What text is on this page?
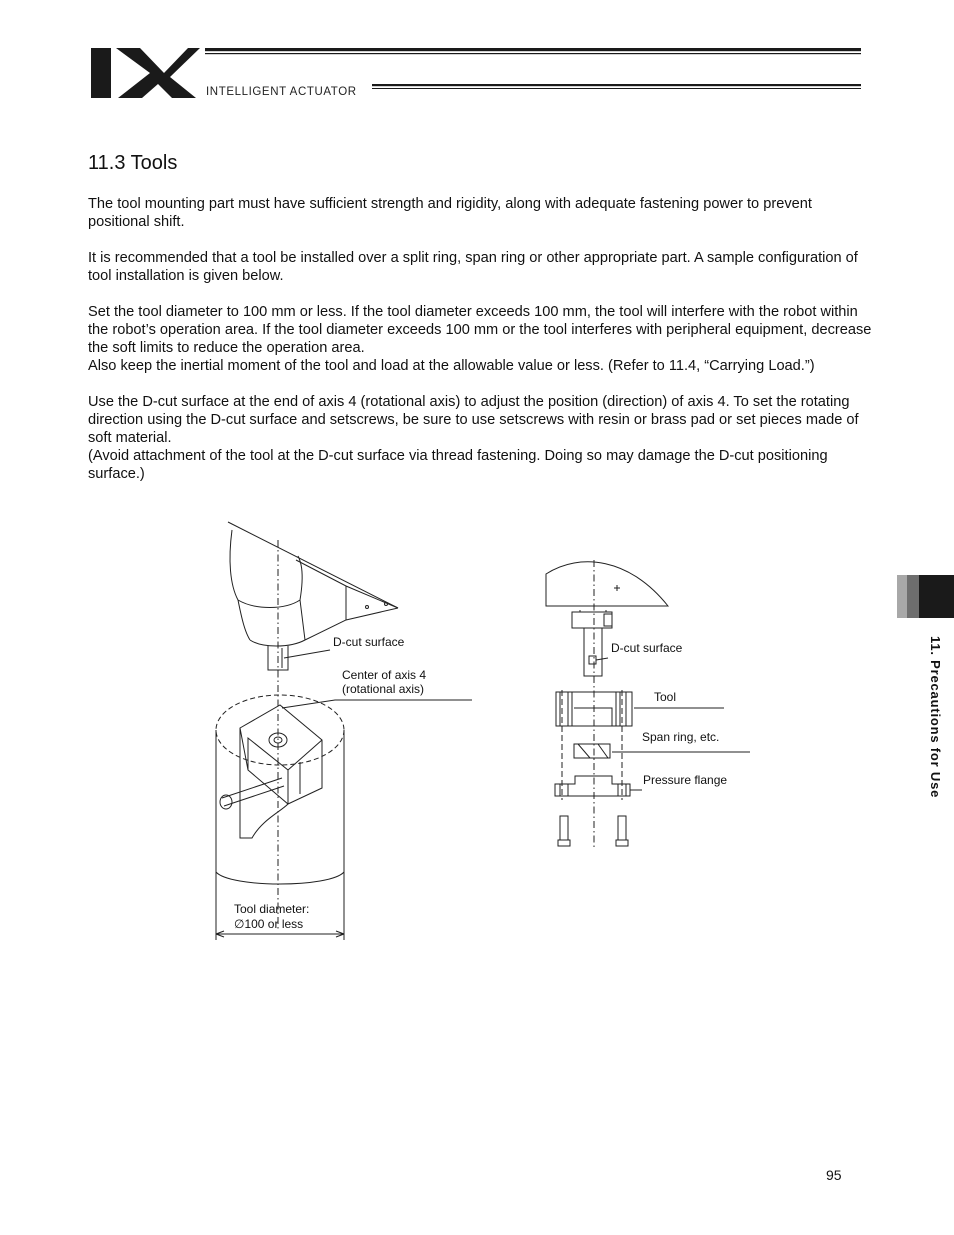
INTELLIGENT ACTUATOR
11.3 Tools

The tool mounting part must have sufficient strength and rigidity, along with adequate fastening power to prevent positional shift.

It is recommended that a tool be installed over a split ring, span ring or other appropriate part. A sample configuration of tool installation is given below.

Set the tool diameter to 100 mm or less. If the tool diameter exceeds 100 mm, the tool will interfere with the robot within the robot’s operation area. If the tool diameter exceeds 100 mm or the tool interferes with peripheral equipment, decrease the soft limits to reduce the operation area.

Also keep the inertial moment of the tool and load at the allowable value or less. (Refer to 11.4, “Carrying Load.”)

Use the D-cut surface at the end of axis 4 (rotational axis) to adjust the position (direction) of axis 4. To set the rotating direction using the D-cut surface and setscrews, be sure to use setscrews with resin or brass pad or set pieces made of soft material.

(Avoid attachment of the tool at the D-cut surface via thread fastening. Doing so may damage the D-cut positioning surface.)

D-cut surface
Center of axis 4
(rotational axis)
Tool diameter:
∅100 or less
D-cut surface
Tool
Span ring, etc.
Pressure flange	11. Precautions for Use
95
